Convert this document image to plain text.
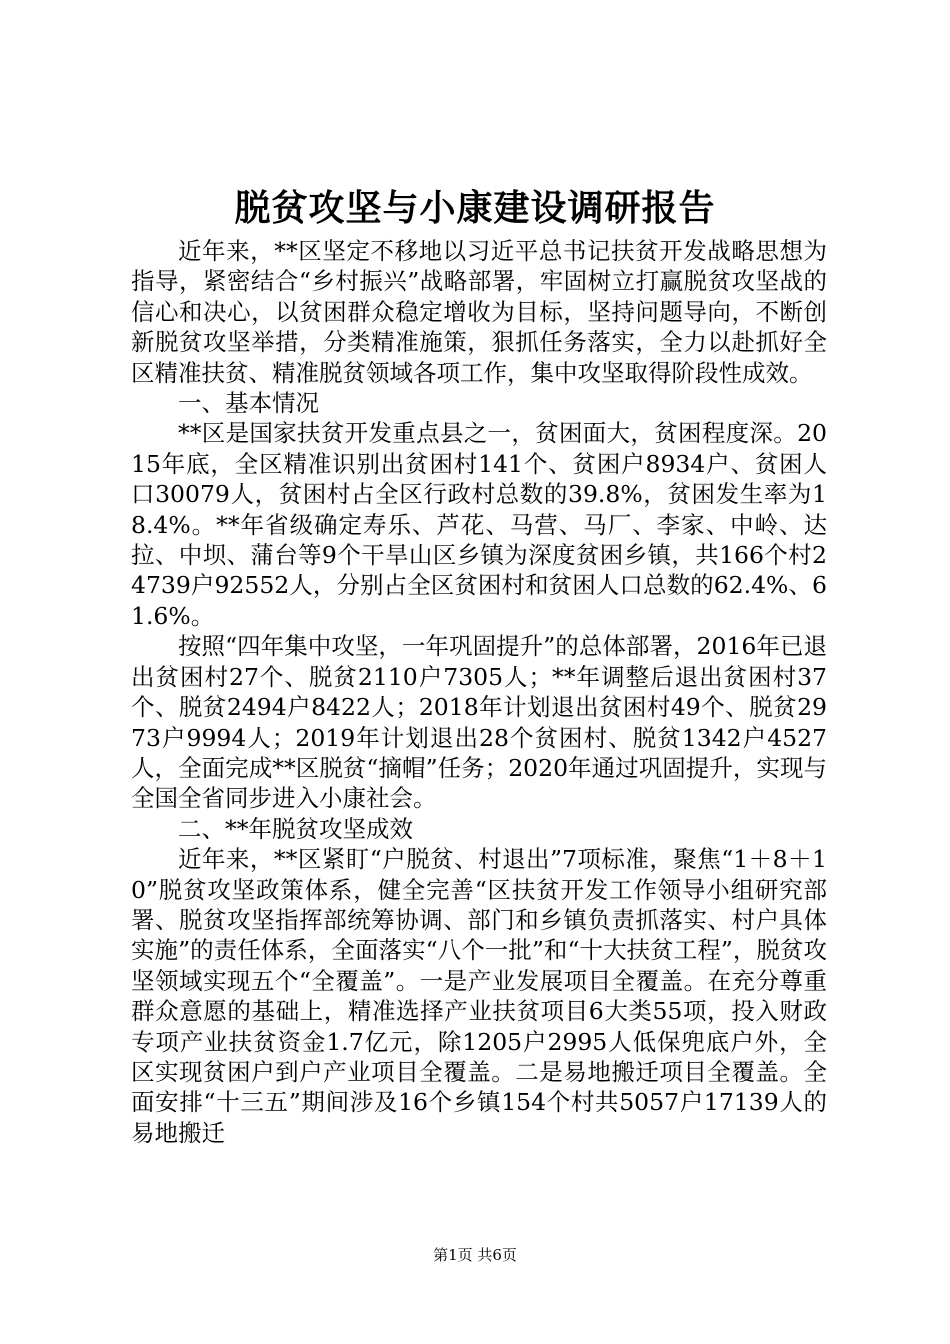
脱贫攻坚与小康建设调研报告

近年来，**区坚定不移地以习近平总书记扶贫开发战略思想为指导，紧密结合“乡村振兴”战略部署，牢固树立打赢脱贫攻坚战的信心和决心，以贫困群众稳定增收为目标，坚持问题导向，不断创新脱贫攻坚举措，分类精准施策，狠抓任务落实，全力以赴抓好全区精准扶贫、精准脱贫领域各项工作，集中攻坚取得阶段性成效。

一、基本情况

**区是国家扶贫开发重点县之一，贫困面大，贫困程度深。2015年底，全区精准识别出贫困村141个、贫困户8934户、贫困人口30079人，贫困村占全区行政村总数的39.8%，贫困发生率为18.4%。**年省级确定寿乐、芦花、马营、马厂、李家、中岭、达拉、中坝、蒲台等9个干旱山区乡镇为深度贫困乡镇，共166个村24739户92552人，分别占全区贫困村和贫困人口总数的62.4%、61.6%。

按照“四年集中攻坚，一年巩固提升”的总体部署，2016年已退出贫困村27个、脱贫2110户7305人；**年调整后退出贫困村37个、脱贫2494户8422人；2018年计划退出贫困村49个、脱贫2973户9994人；2019年计划退出28个贫困村、脱贫1342户4527人，全面完成**区脱贫“摘帽”任务；2020年通过巩固提升，实现与全国全省同步进入小康社会。

二、**年脱贫攻坚成效

近年来，**区紧盯“户脱贫、村退出”7项标准，聚焦“1＋8＋10”脱贫攻坚政策体系，健全完善“区扶贫开发工作领导小组研究部署、脱贫攻坚指挥部统筹协调、部门和乡镇负责抓落实、村户具体实施”的责任体系，全面落实“八个一批”和“十大扶贫工程”，脱贫攻坚领域实现五个“全覆盖”。一是产业发展项目全覆盖。在充分尊重群众意愿的基础上，精准选择产业扶贫项目6大类55项，投入财政专项产业扶贫资金1.7亿元，除1205户2995人低保兜底户外，全区实现贫困户到户产业项目全覆盖。二是易地搬迁项目全覆盖。全面安排“十三五”期间涉及16个乡镇154个村共5057户17139人的易地搬迁

第1页 共6页
